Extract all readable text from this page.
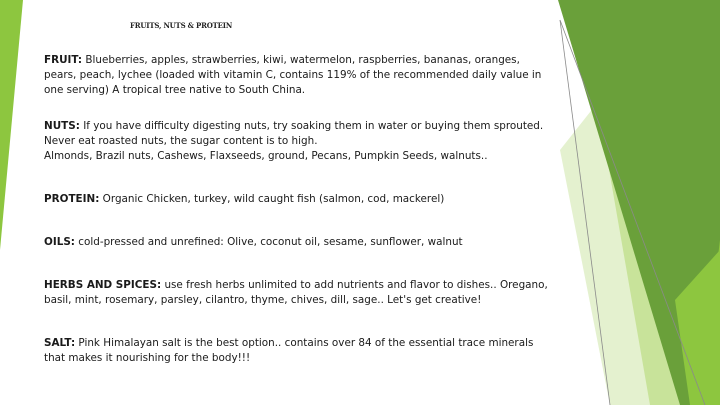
FRUITS, NUTS & PROTEIN

FRUIT: Blueberries, apples, strawberries, kiwi, watermelon, raspberries, bananas, oranges,
pears, peach, lychee (loaded with vitamin C, contains 119% of the recommended daily value in
one serving) A tropical tree native to South China.

NUTS: If you have difficulty digesting nuts, try soaking them in water or buying them sprouted.
Never eat roasted nuts, the sugar content is to high.
Almonds, Brazil nuts, Cashews, Flaxseeds, ground, Pecans, Pumpkin Seeds, walnuts..

PROTEIN: Organic Chicken, turkey, wild caught fish (salmon, cod, mackerel)

OILS: cold-pressed and unrefined: Olive, coconut oil, sesame, sunflower, walnut

HERBS AND SPICES: use fresh herbs unlimited to add nutrients and flavor to dishes.. Oregano,
basil, mint, rosemary, parsley, cilantro, thyme, chives, dill, sage.. Let's get creative!

SALT: Pink Himalayan salt is the best option.. contains over 84 of the essential trace minerals
that makes it nourishing for the body!!!
